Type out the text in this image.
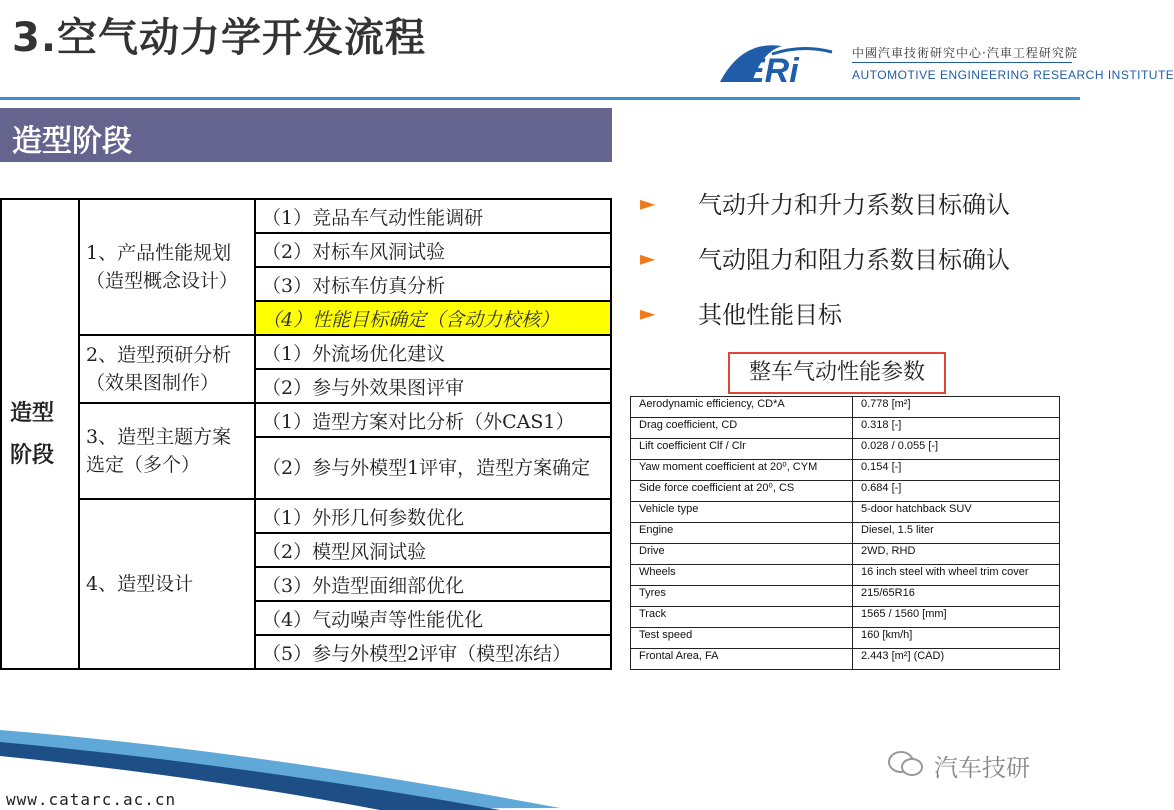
3.空气动力学开发流程
ERi	中國汽車技術研究中心·汽車工程研究院
AUTOMOTIVE ENGINEERING RESEARCH INSTITUTE
造型阶段
造型
阶段	1、产品性能规划（造型概念设计）	（1）竞品车气动性能调研
		（2）对标车风洞试验
		（3）对标车仿真分析
		（4）性能目标确定（含动力校核）
	2、造型预研分析（效果图制作）	（1）外流场优化建议
		（2）参与外效果图评审
	3、造型主题方案选定（多个）	（1）造型方案对比分析（外CAS1）
		（2）参与外模型1评审，造型方案确定
	4、造型设计	（1）外形几何参数优化
		（2）模型风洞试验
		（3）外造型面细部优化
		（4）气动噪声等性能优化
		（5）参与外模型2评审（模型冻结）
► 气动升力和升力系数目标确认
► 气动阻力和阻力系数目标确认
► 其他性能目标
整车气动性能参数
Aerodynamic efficiency, CD*A	0.778 [m²]
Drag coefficient, CD	0.318 [-]
Lift coefficient Clf / Clr	0.028 / 0.055 [-]
Yaw moment coefficient at 20⁰, CYM	0.154 [-]
Side force coefficient at 20⁰, CS	0.684 [-]
Vehicle type	5-door hatchback SUV
Engine	Diesel, 1.5 liter
Drive	2WD, RHD
Wheels	16 inch steel with wheel trim cover
Tyres	215/65R16
Track	1565 / 1560 [mm]
Test speed	160 [km/h]
Frontal Area, FA	2.443 [m²] (CAD)
www.catarc.ac.cn
汽车技研
